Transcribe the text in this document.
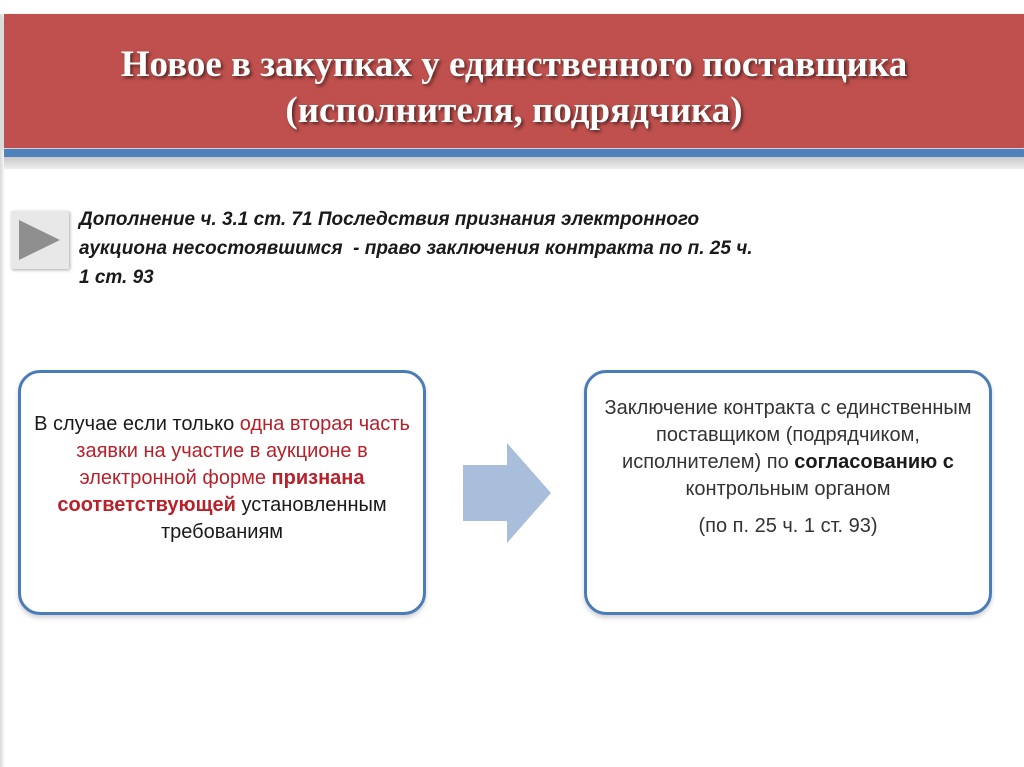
Новое в закупках у единственного поставщика
(исполнителя, подрядчика)
Дополнение ч. 3.1 ст. 71 Последствия признания электронного
аукциона несостоявшимся  - право заключения контракта по п. 25 ч.
1 ст. 93
В случае если только одна вторая часть заявки на участие в аукционе в электронной форме признана соответствующей установленным требованиям
Заключение контракта с единственным поставщиком (подрядчиком, исполнителем) по согласованию с контрольным органом
(по п. 25 ч. 1 ст. 93)
